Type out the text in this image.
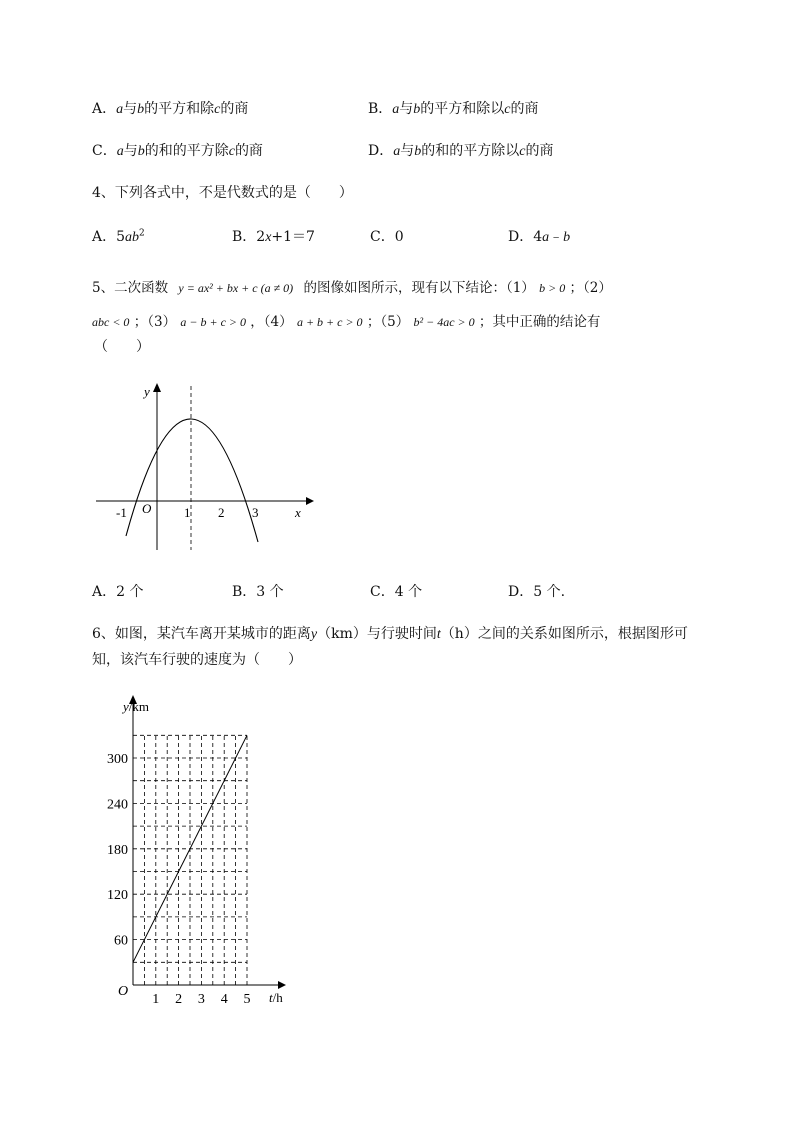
A．a与b的平方和除c的商	B．a与b的平方和除以c的商
C．a与b的和的平方除c的商	D．a与b的和的平方除以c的商
4、下列各式中，不是代数式的是（　　）
A．$5ab^2$	B．2x+1＝7	C．0	D．4a﹣b
5、二次函数 y = ax² + bx + c (a ≠ 0) 的图像如图所示，现有以下结论：（1） b > 0 ；（2）
abc < 0 ；（3） a − b + c > 0 ，（4） a + b + c > 0 ；（5） b² − 4ac > 0 ；其中正确的结论有
（　　）
y
x
O
-1	1 2 3
A．2 个	B．3 个	C．4 个	D．5 个.
6、如图，某汽车离开某城市的距离y（km）与行驶时间t（h）之间的关系如图所示，根据图形可
知，该汽车行驶的速度为（　　）
60
120
180
240
300
1 2 3 4 5
y/km
t/h
O
